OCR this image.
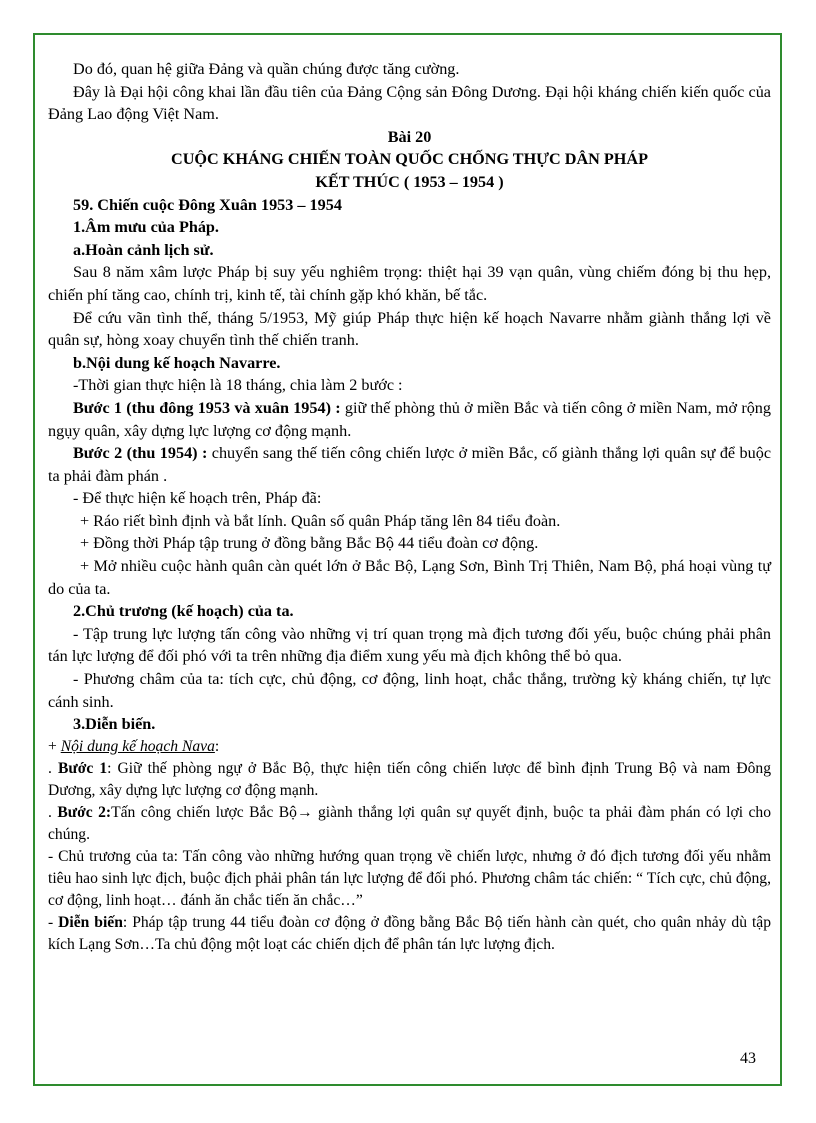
Do đó, quan hệ giữa Đảng và quần chúng được tăng cường.

Đây là Đại hội công khai lần đầu tiên của Đảng Cộng sản Đông Dương. Đại hội kháng chiến kiến quốc của Đảng Lao động Việt Nam.

Bài 20

CUỘC KHÁNG CHIẾN TOÀN QUỐC CHỐNG THỰC DÂN PHÁP

KẾT THÚC ( 1953 – 1954 )

59. Chiến cuộc Đông Xuân 1953 – 1954

1.Âm mưu của Pháp.

a.Hoàn cảnh lịch sử.

Sau 8 năm xâm lược Pháp bị suy yếu nghiêm trọng: thiệt hại 39 vạn quân, vùng chiếm đóng bị thu hẹp, chiến phí tăng cao, chính trị, kinh tế, tài chính gặp khó khăn, bế tắc.

Để cứu vãn tình thế, tháng 5/1953, Mỹ giúp Pháp thực hiện kế hoạch Navarre nhằm giành thắng lợi về quân sự, hòng xoay chuyển tình thế chiến tranh.

b.Nội dung kế hoạch Navarre.

-Thời gian thực hiện là 18 tháng, chia làm 2 bước :

Bước 1 (thu đông 1953 và xuân 1954) : giữ thế phòng thủ ở miền Bắc và tiến công ở miền Nam, mở rộng ngụy quân, xây dựng lực lượng cơ động mạnh.

Bước 2 (thu 1954) : chuyển sang thế tiến công chiến lược ở miền Bắc, cố giành thắng lợi quân sự để buộc ta phải đàm phán .

- Để thực hiện kế hoạch trên, Pháp đã:

+ Ráo riết bình định và bắt lính. Quân số quân Pháp tăng lên 84 tiểu đoàn.

+ Đồng thời Pháp tập trung ở đồng bằng Bắc Bộ 44 tiểu đoàn cơ động.

+ Mở nhiều cuộc hành quân càn quét lớn ở Bắc Bộ, Lạng Sơn, Bình Trị Thiên, Nam Bộ, phá hoại vùng tự do của ta.

2.Chủ trương (kế hoạch) của ta.

- Tập trung lực lượng tấn công vào những vị trí quan trọng mà địch tương đối yếu, buộc chúng phải phân tán lực lượng để đối phó với ta trên những địa điểm xung yếu mà địch không thể bỏ qua.

- Phương châm của ta: tích cực, chủ động, cơ động, linh hoạt, chắc thắng, trường kỳ kháng chiến, tự lực cánh sinh.

3.Diễn biến.

+ Nội dung kế hoạch Nava:

. Bước 1: Giữ thế phòng ngự ở Bắc Bộ, thực hiện tiến công chiến lược để bình định Trung Bộ và nam Đông Dương, xây dựng lực lượng cơ động mạnh.

. Bước 2:Tấn công chiến lược Bắc Bộ→ giành thắng lợi quân sự quyết định, buộc ta phải đàm phán có lợi cho chúng.

- Chủ trương của ta: Tấn công vào những hướng quan trọng về chiến lược, nhưng ở đó địch tương đối yếu nhằm tiêu hao sinh lực địch, buộc địch phải phân tán lực lượng để đối phó. Phương châm tác chiến: “ Tích cực, chủ động, cơ động, linh hoạt… đánh ăn chắc tiến ăn chắc…”

- Diễn biến: Pháp tập trung 44 tiểu đoàn cơ động ở đồng bằng Bắc Bộ tiến hành càn quét, cho quân nhảy dù tập kích Lạng Sơn…Ta chủ động một loạt các chiến dịch để phân tán lực lượng địch.

43
